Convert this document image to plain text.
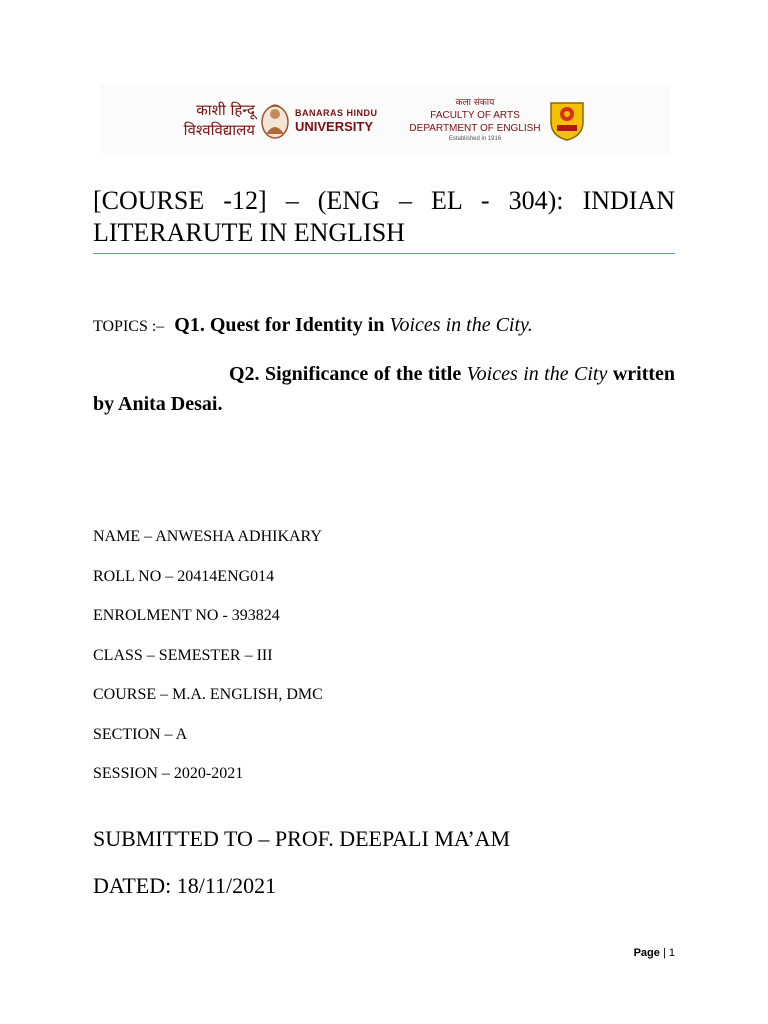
काशी हिन्दू
विश्वविद्यालय
BANARAS HINDU
UNIVERSITY
कला संकाय
FACULTY OF ARTS
DEPARTMENT OF ENGLISH
Established in 1916
[COURSE -12] – (ENG – EL - 304): INDIAN LITERARUTE IN ENGLISH
TOPICS :– Q1. Quest for Identity in Voices in the City.
Q2. Significance of the title Voices in the City written by Anita Desai.
NAME – ANWESHA ADHIKARY
ROLL NO – 20414ENG014
ENROLMENT NO - 393824
CLASS – SEMESTER – III
COURSE – M.A. ENGLISH, DMC
SECTION – A
SESSION – 2020-2021
SUBMITTED TO – PROF. DEEPALI MA’AM
DATED: 18/11/2021
Page | 1
